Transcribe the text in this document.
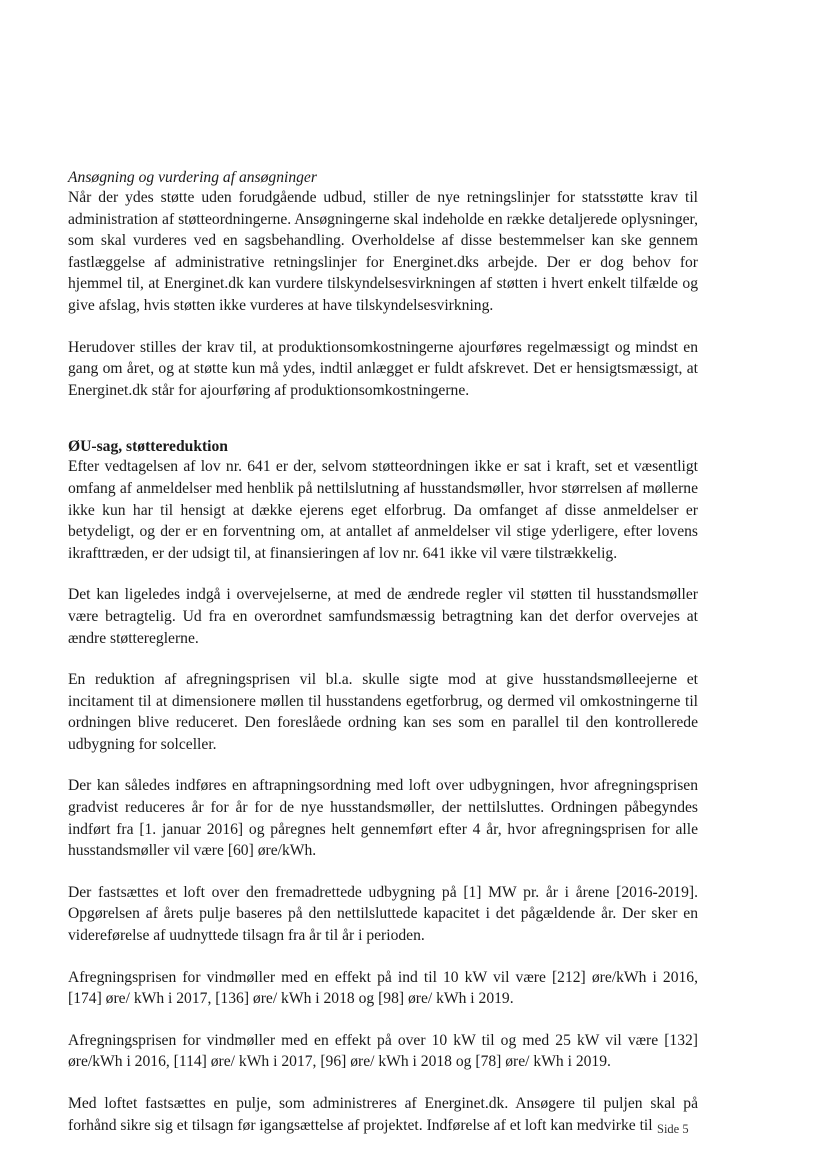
Ansøgning og vurdering af ansøgninger

Når der ydes støtte uden forudgående udbud, stiller de nye retningslinjer for statsstøtte krav til administration af støtteordningerne. Ansøgningerne skal indeholde en række detaljerede oplysninger, som skal vurderes ved en sagsbehandling. Overholdelse af disse bestemmelser kan ske gennem fastlæggelse af administrative retningslinjer for Energinet.dks arbejde. Der er dog behov for hjemmel til, at Energinet.dk kan vurdere tilskyndelsesvirkningen af støtten i hvert enkelt tilfælde og give afslag, hvis støtten ikke vurderes at have tilskyndelsesvirkning.

Herudover stilles der krav til, at produktionsomkostningerne ajourføres regelmæssigt og mindst en gang om året, og at støtte kun må ydes, indtil anlægget er fuldt afskrevet. Det er hensigtsmæssigt, at Energinet.dk står for ajourføring af produktionsomkostningerne.

ØU-sag, støttereduktion

Efter vedtagelsen af lov nr. 641 er der, selvom støtteordningen ikke er sat i kraft, set et væsentligt omfang af anmeldelser med henblik på nettilslutning af husstandsmøller, hvor størrelsen af møllerne ikke kun har til hensigt at dække ejerens eget elforbrug. Da omfanget af disse anmeldelser er betydeligt, og der er en forventning om, at antallet af anmeldelser vil stige yderligere, efter lovens ikrafttræden, er der udsigt til, at finansieringen af lov nr. 641 ikke vil være tilstrækkelig.

Det kan ligeledes indgå i overvejelserne, at med de ændrede regler vil støtten til husstandsmøller være betragtelig. Ud fra en overordnet samfundsmæssig betragtning kan det derfor overvejes at ændre støttereglerne.

En reduktion af afregningsprisen vil bl.a. skulle sigte mod at give husstandsmølleejerne et incitament til at dimensionere møllen til husstandens egetforbrug, og dermed vil omkostningerne til ordningen blive reduceret. Den foreslåede ordning kan ses som en parallel til den kontrollerede udbygning for solceller.

Der kan således indføres en aftrapningsordning med loft over udbygningen, hvor afregningsprisen gradvist reduceres år for år for de nye husstandsmøller, der nettilsluttes. Ordningen påbegyndes indført fra [1. januar 2016] og påregnes helt gennemført efter 4 år, hvor afregningsprisen for alle husstandsmøller vil være [60] øre/kWh.

Der fastsættes et loft over den fremadrettede udbygning på [1] MW pr. år i årene [2016-2019]. Opgørelsen af årets pulje baseres på den nettilsluttede kapacitet i det pågældende år. Der sker en videreførelse af uudnyttede tilsagn fra år til år i perioden.

Afregningsprisen for vindmøller med en effekt på ind til 10 kW vil være [212] øre/kWh i 2016, [174] øre/ kWh i 2017, [136] øre/ kWh i 2018 og [98] øre/ kWh i 2019.

Afregningsprisen for vindmøller med en effekt på over 10 kW til og med 25 kW vil være [132] øre/kWh i 2016, [114] øre/ kWh i 2017, [96] øre/ kWh i 2018 og [78] øre/ kWh i 2019.

Med loftet fastsættes en pulje, som administreres af Energinet.dk. Ansøgere til puljen skal på forhånd sikre sig et tilsagn før igangsættelse af projektet. Indførelse af et loft kan medvirke til Side 5
